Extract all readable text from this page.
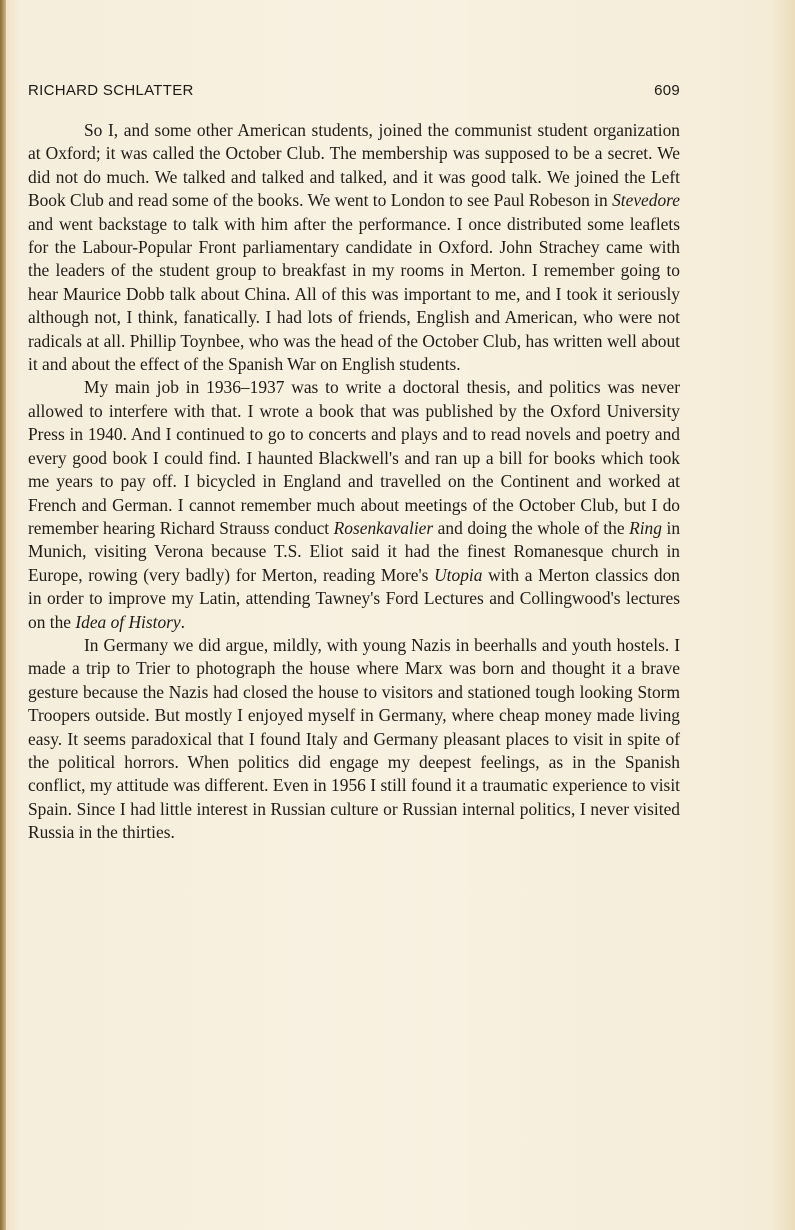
RICHARD SCHLATTER	609

So I, and some other American students, joined the communist student organization at Oxford; it was called the October Club. The membership was supposed to be a secret. We did not do much. We talked and talked and talked, and it was good talk. We joined the Left Book Club and read some of the books. We went to London to see Paul Robeson in Stevedore and went backstage to talk with him after the performance. I once distributed some leaflets for the Labour-Popular Front parliamentary candidate in Oxford. John Strachey came with the leaders of the student group to breakfast in my rooms in Merton. I remember going to hear Maurice Dobb talk about China. All of this was important to me, and I took it seriously although not, I think, fanatically. I had lots of friends, English and American, who were not radicals at all. Phillip Toynbee, who was the head of the October Club, has written well about it and about the effect of the Spanish War on English students.

My main job in 1936–1937 was to write a doctoral thesis, and politics was never allowed to interfere with that. I wrote a book that was published by the Oxford University Press in 1940. And I continued to go to concerts and plays and to read novels and poetry and every good book I could find. I haunted Blackwell's and ran up a bill for books which took me years to pay off. I bicycled in England and travelled on the Continent and worked at French and German. I cannot remember much about meetings of the October Club, but I do remember hearing Richard Strauss conduct Rosenkavalier and doing the whole of the Ring in Munich, visiting Verona because T.S. Eliot said it had the finest Romanesque church in Europe, rowing (very badly) for Merton, reading More's Utopia with a Merton classics don in order to improve my Latin, attending Tawney's Ford Lectures and Collingwood's lectures on the Idea of History.

In Germany we did argue, mildly, with young Nazis in beerhalls and youth hostels. I made a trip to Trier to photograph the house where Marx was born and thought it a brave gesture because the Nazis had closed the house to visitors and stationed tough looking Storm Troopers outside. But mostly I enjoyed myself in Germany, where cheap money made living easy. It seems paradoxical that I found Italy and Germany pleasant places to visit in spite of the political horrors. When politics did engage my deepest feelings, as in the Spanish conflict, my attitude was different. Even in 1956 I still found it a traumatic experience to visit Spain. Since I had little interest in Russian culture or Russian internal politics, I never visited Russia in the thirties.
